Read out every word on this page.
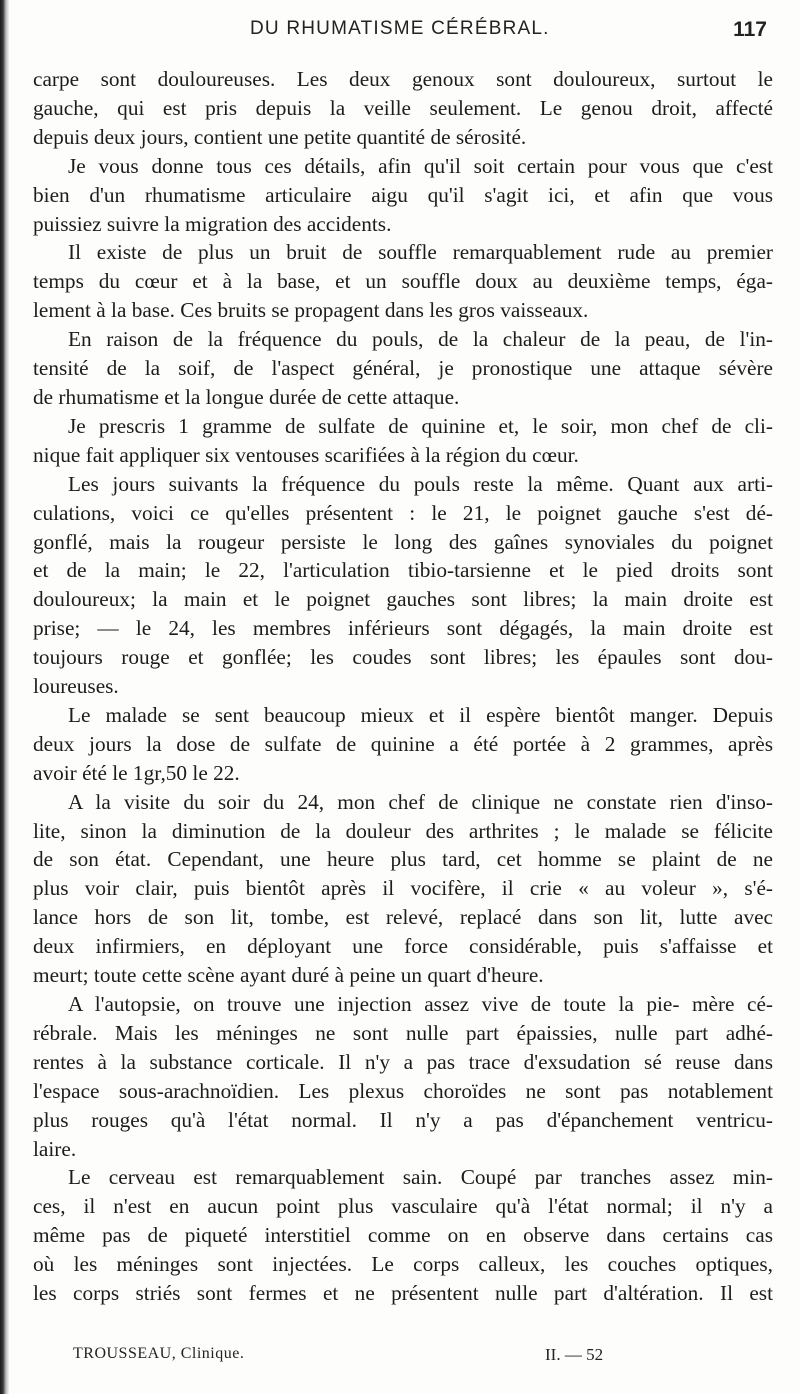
DU RHUMATISME CÉRÉBRAL.	117
carpe sont douloureuses. Les deux genoux sont douloureux, surtout le
gauche, qui est pris depuis la veille seulement. Le genou droit, affecté
depuis deux jours, contient une petite quantité de sérosité.
Je vous donne tous ces détails, afin qu'il soit certain pour vous que c'est
bien d'un rhumatisme articulaire aigu qu'il s'agit ici, et afin que vous
puissiez suivre la migration des accidents.
Il existe de plus un bruit de souffle remarquablement rude au premier
temps du cœur et à la base, et un souffle doux au deuxième temps, éga-
lement à la base. Ces bruits se propagent dans les gros vaisseaux.
En raison de la fréquence du pouls, de la chaleur de la peau, de l'in-
tensité de la soif, de l'aspect général, je pronostique une attaque sévère
de rhumatisme et la longue durée de cette attaque.
Je prescris 1 gramme de sulfate de quinine et, le soir, mon chef de cli-
nique fait appliquer six ventouses scarifiées à la région du cœur.
Les jours suivants la fréquence du pouls reste la même. Quant aux arti-
culations, voici ce qu'elles présentent : le 21, le poignet gauche s'est dé-
gonflé, mais la rougeur persiste le long des gaînes synoviales du poignet
et de la main; le 22, l'articulation tibio-tarsienne et le pied droits sont
douloureux; la main et le poignet gauches sont libres; la main droite est
prise; — le 24, les membres inférieurs sont dégagés, la main droite est
toujours rouge et gonflée; les coudes sont libres; les épaules sont dou-
loureuses.
Le malade se sent beaucoup mieux et il espère bientôt manger. Depuis
deux jours la dose de sulfate de quinine a été portée à 2 grammes, après
avoir été le 1gr,50 le 22.
A la visite du soir du 24, mon chef de clinique ne constate rien d'inso-
lite, sinon la diminution de la douleur des arthrites ; le malade se félicite
de son état. Cependant, une heure plus tard, cet homme se plaint de ne
plus voir clair, puis bientôt après il vocifère, il crie « au voleur », s'é-
lance hors de son lit, tombe, est relevé, replacé dans son lit, lutte avec
deux infirmiers, en déployant une force considérable, puis s'affaisse et
meurt; toute cette scène ayant duré à peine un quart d'heure.
A l'autopsie, on trouve une injection assez vive de toute la pie- mère cé-
rébrale. Mais les méninges ne sont nulle part épaissies, nulle part adhé-
rentes à la substance corticale. Il n'y a pas trace d'exsudation sé reuse dans
l'espace sous-arachnoïdien. Les plexus choroïdes ne sont pas notablement
plus rouges qu'à l'état normal. Il n'y a pas d'épanchement ventricu-
laire.
Le cerveau est remarquablement sain. Coupé par tranches assez min-
ces, il n'est en aucun point plus vasculaire qu'à l'état normal; il n'y a
même pas de piqueté interstitiel comme on en observe dans certains cas
où les méninges sont injectées. Le corps calleux, les couches optiques,
les corps striés sont fermes et ne présentent nulle part d'altération. Il est
TROUSSEAU, Clinique.	II. — 52
